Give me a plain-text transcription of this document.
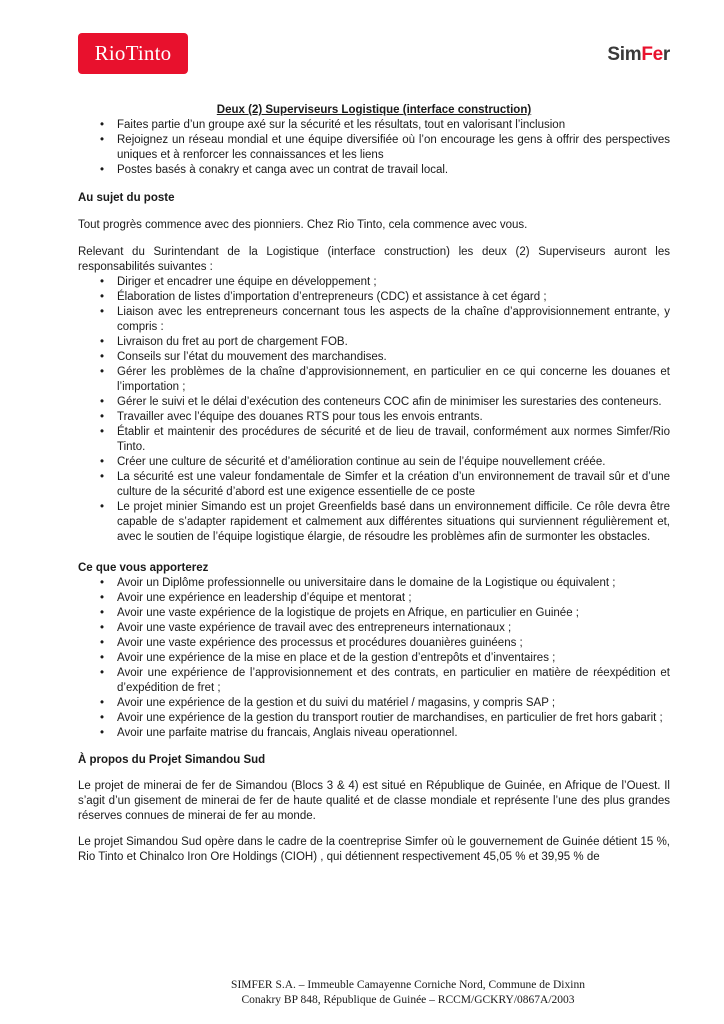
RioTinto	SimFer
Deux (2) Superviseurs Logistique (interface construction)
• Faites partie d’un groupe axé sur la sécurité et les résultats, tout en valorisant l’inclusion
• Rejoignez un réseau mondial et une équipe diversifiée où l’on encourage les gens à offrir des perspectives uniques et à renforcer les connaissances et les liens
• Postes basés à conakry et canga avec un contrat de travail local.
Au sujet du poste

Tout progrès commence avec des pionniers. Chez Rio Tinto, cela commence avec vous.

Relevant du Surintendant de la Logistique (interface construction) les deux (2) Superviseurs auront les responsabilités suivantes :

• Diriger et encadrer une équipe en développement ;
• Élaboration de listes d’importation d’entrepreneurs (CDC) et assistance à cet égard ;
• Liaison avec les entrepreneurs concernant tous les aspects de la chaîne d’approvisionnement entrante, y compris :
• Livraison du fret au port de chargement FOB.
• Conseils sur l’état du mouvement des marchandises.
• Gérer les problèmes de la chaîne d’approvisionnement, en particulier en ce qui concerne les douanes et l’importation ;
• Gérer le suivi et le délai d’exécution des conteneurs COC afin de minimiser les surestaries des conteneurs.
• Travailler avec l’équipe des douanes RTS pour tous les envois entrants.
• Établir et maintenir des procédures de sécurité et de lieu de travail, conformément aux normes Simfer/Rio Tinto.
• Créer une culture de sécurité et d’amélioration continue au sein de l’équipe nouvellement créée.
• La sécurité est une valeur fondamentale de Simfer et la création d’un environnement de travail sûr et d’une culture de la sécurité d’abord est une exigence essentielle de ce poste
• Le projet minier Simando est un projet Greenfields basé dans un environnement difficile. Ce rôle devra être capable de s’adapter rapidement et calmement aux différentes situations qui surviennent régulièrement et, avec le soutien de l’équipe logistique élargie, de résoudre les problèmes afin de surmonter les obstacles.
Ce que vous apporterez
• Avoir un Diplôme professionnelle ou universitaire dans le domaine de la Logistique ou équivalent ;
• Avoir une expérience en leadership d’équipe et mentorat ;
• Avoir une vaste expérience de la logistique de projets en Afrique, en particulier en Guinée ;
• Avoir une vaste expérience de travail avec des entrepreneurs internationaux ;
• Avoir une vaste expérience des processus et procédures douanières guinéens ;
• Avoir une expérience de la mise en place et de la gestion d’entrepôts et d’inventaires ;
• Avoir une expérience de l’approvisionnement et des contrats, en particulier en matière de réexpédition et d’expédition de fret ;
• Avoir une expérience de la gestion et du suivi du matériel / magasins, y compris SAP ;
• Avoir une expérience de la gestion du transport routier de marchandises, en particulier de fret hors gabarit ;
• Avoir une parfaite matrise du francais, Anglais niveau operationnel.
À propos du Projet Simandou Sud

Le projet de minerai de fer de Simandou (Blocs 3 & 4) est situé en République de Guinée, en Afrique de l’Ouest. Il s’agit d’un gisement de minerai de fer de haute qualité et de classe mondiale et représente l’une des plus grandes réserves connues de minerai de fer au monde.

Le projet Simandou Sud opère dans le cadre de la coentreprise Simfer où le gouvernement de Guinée détient 15 %, Rio Tinto et Chinalco Iron Ore Holdings (CIOH) , qui détiennent respectivement 45,05 % et 39,95 % de

SIMFER S.A. – Immeuble Camayenne Corniche Nord, Commune de Dixinn
Conakry BP 848, République de Guinée – RCCM/GCKRY/0867A/2003
